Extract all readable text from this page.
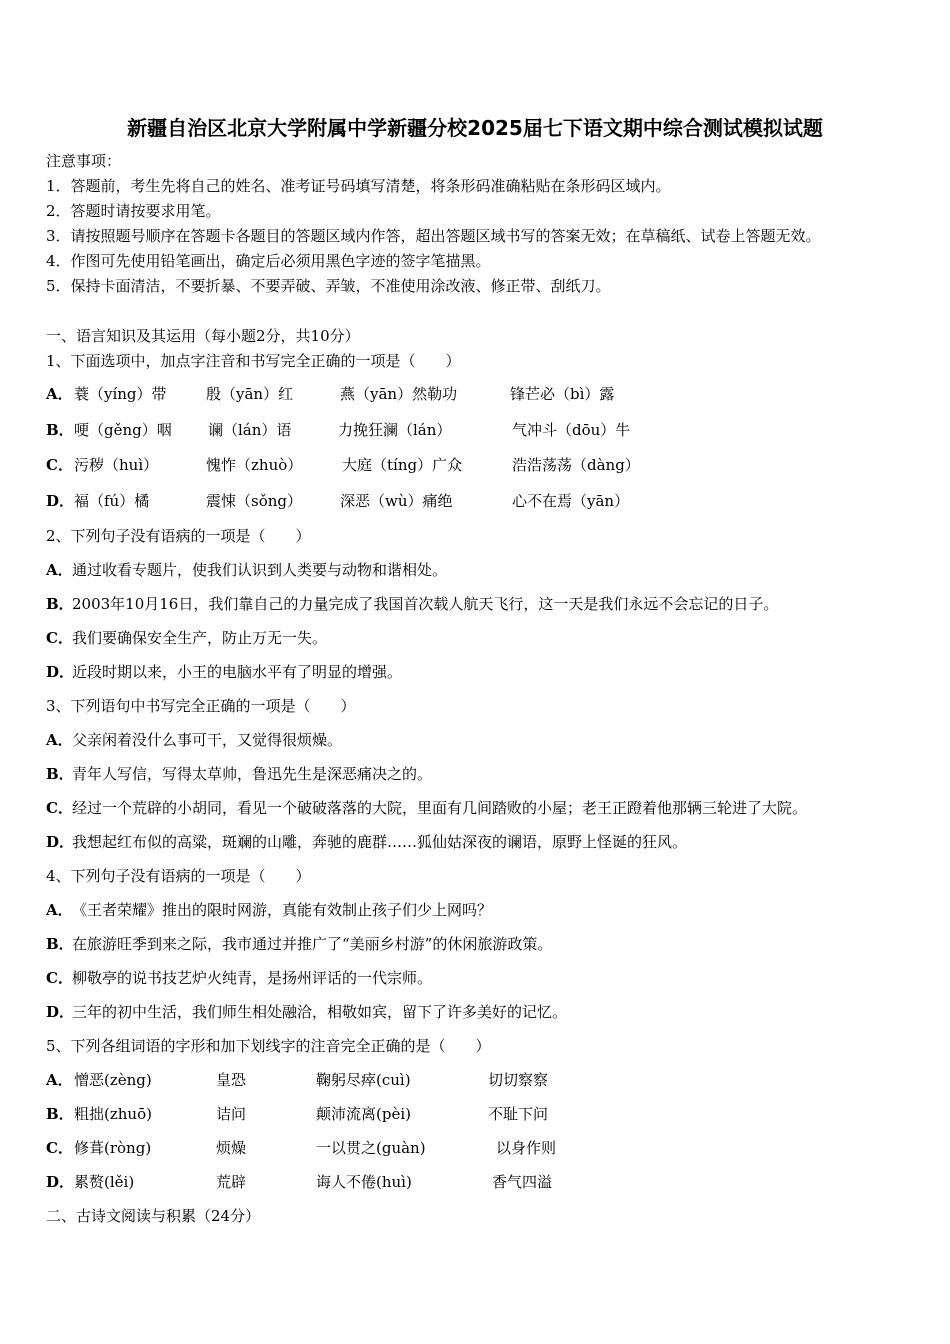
新疆自治区北京大学附属中学新疆分校2025届七下语文期中综合测试模拟试题
注意事项：
1．答题前，考生先将自己的姓名、准考证号码填写清楚，将条形码准确粘贴在条形码区域内。
2．答题时请按要求用笔。
3．请按照题号顺序在答题卡各题目的答题区域内作答，超出答题区域书写的答案无效；在草稿纸、试卷上答题无效。
4．作图可先使用铅笔画出，确定后必须用黑色字迹的签字笔描黑。
5．保持卡面清洁，不要折暴、不要弄破、弄皱，不准使用涂改液、修正带、刮纸刀。
一、语言知识及其运用（每小题2分，共10分）
1、下面选项中，加点字注音和书写完全正确的一项是（　　）
A． 蓑（yíng）带	殷（yān）红	燕（yān）然勒功	锋芒必（bì）露
B． 哽（gěng）咽 谰（lán）语	力挽狂澜（lán）	气冲斗（dōu）牛
C． 污秽（huì）	愧怍（zhuò）	大庭（tíng）广众	浩浩荡荡（dàng）
D． 褔（fú）橘	震悚（sǒng）	深恶（wù）痛绝	心不在焉（yān）
2、下列句子没有语病的一项是（　　）
A．通过收看专题片，使我们认识到人类要与动物和谐相处。
B．2003年10月16日，我们靠自己的力量完成了我国首次载人航天飞行，这一天是我们永远不会忘记的日子。
C．我们要确保安全生产，防止万无一失。
D．近段时期以来，小王的电脑水平有了明显的增强。
3、下列语句中书写完全正确的一项是（　　）
A．父亲闲着没什么事可干，又觉得很烦燥。
B．青年人写信，写得太草帅，鲁迅先生是深恶痛决之的。
C．经过一个荒辟的小胡同，看见一个破破落落的大院，里面有几间踏败的小屋；老王正蹬着他那辆三轮进了大院。
D．我想起红布似的高粱，斑斓的山雕，奔驰的鹿群……狐仙姑深夜的谰语，原野上怪诞的狂风。
4、下列句子没有语病的一项是（　　）
A．《王者荣耀》推出的限时网游，真能有效制止孩子们少上网吗？
B．在旅游旺季到来之际，我市通过并推广了“美丽乡村游”的休闲旅游政策。
C．柳敬亭的说书技艺炉火纯青，是扬州评话的一代宗师。
D．三年的初中生活，我们师生相处融洽，相敬如宾，留下了许多美好的记忆。
5、下列各组词语的字形和加下划线字的注音完全正确的是（　　）
A． 憎恶(zèng)	皇恐	鞠躬尽瘁(cuì)	切切察察
B． 粗拙(zhuō)	诘问	颠沛流离(pèi)	不耻下问
C． 修葺(ròng)	烦燥	一以贯之(guàn)	以身作则
D． 累赘(lěi)	荒辟	诲人不倦(huì)	香气四溢
二、古诗文阅读与积累（24分）
